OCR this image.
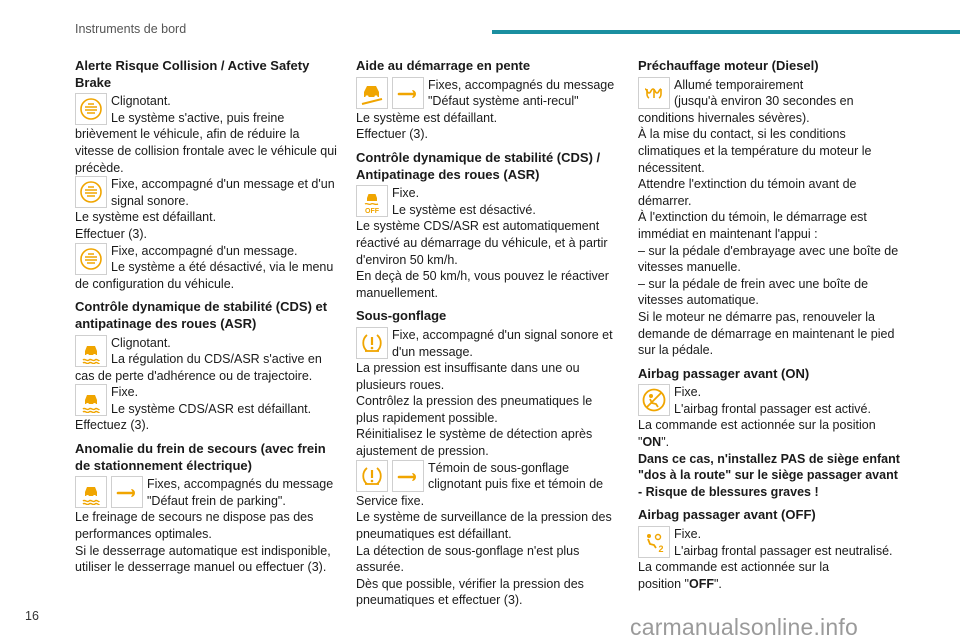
Instruments de bord
Alerte Risque Collision / Active Safety Brake

Clignotant.

Le système s'active, puis freine brièvement le véhicule, afin de réduire la vitesse de collision frontale avec le véhicule qui précède.

Fixe, accompagné d'un message et d'un signal sonore.

Le système est défaillant.

Effectuer (3).

Fixe, accompagné d'un message.

Le système a été désactivé, via le menu de configuration du véhicule.

Contrôle dynamique de stabilité (CDS) et antipatinage des roues (ASR)

Clignotant.

La régulation du CDS/ASR s'active en cas de perte d'adhérence ou de trajectoire.

Fixe.

Le système CDS/ASR est défaillant.

Effectuez (3).

Anomalie du frein de secours (avec frein de stationnement électrique)

Fixes, accompagnés du message "Défaut frein de parking".

Le freinage de secours ne dispose pas des performances optimales.

Si le desserrage automatique est indisponible, utiliser le desserrage manuel ou effectuer (3).

Aide au démarrage en pente

Fixes, accompagnés du message "Défaut système anti-recul"

Le système est défaillant.

Effectuer (3).

Contrôle dynamique de stabilité (CDS) / Antipatinage des roues (ASR)
OFF

Fixe.

Le système est désactivé.

Le système CDS/ASR est automatiquement réactivé au démarrage du véhicule, et à partir d'environ 50 km/h.

En deçà de 50 km/h, vous pouvez le réactiver manuellement.

Sous-gonflage

Fixe, accompagné d'un signal sonore et d'un message.

La pression est insuffisante dans une ou plusieurs roues.

Contrôlez la pression des pneumatiques le plus rapidement possible.

Réinitialisez le système de détection après ajustement de pression.

Témoin de sous-gonflage clignotant puis fixe et témoin de Service fixe.

Le système de surveillance de la pression des pneumatiques est défaillant.

La détection de sous-gonflage n'est plus assurée.

Dès que possible, vérifier la pression des pneumatiques et effectuer (3).

Préchauffage moteur (Diesel)

Allumé temporairement

(jusqu'à environ 30 secondes en conditions hivernales sévères).

À la mise du contact, si les conditions climatiques et la température du moteur le nécessitent.

Attendre l'extinction du témoin avant de démarrer.

À l'extinction du témoin, le démarrage est immédiat en maintenant l'appui :

– sur la pédale d'embrayage avec une boîte de vitesses manuelle.

– sur la pédale de frein avec une boîte de vitesses automatique.

Si le moteur ne démarre pas, renouveler la demande de démarrage en maintenant le pied sur la pédale.

Airbag passager avant (ON)

Fixe.

L'airbag frontal passager est activé.

La commande est actionnée sur la position

"ON".

Dans ce cas, n'installez PAS de siège enfant "dos à la route" sur le siège passager avant - Risque de blessures graves !

Airbag passager avant (OFF)
2

Fixe.

L'airbag frontal passager est neutralisé.

La commande est actionnée sur la

position "OFF".

16	carmanualsonline.info
